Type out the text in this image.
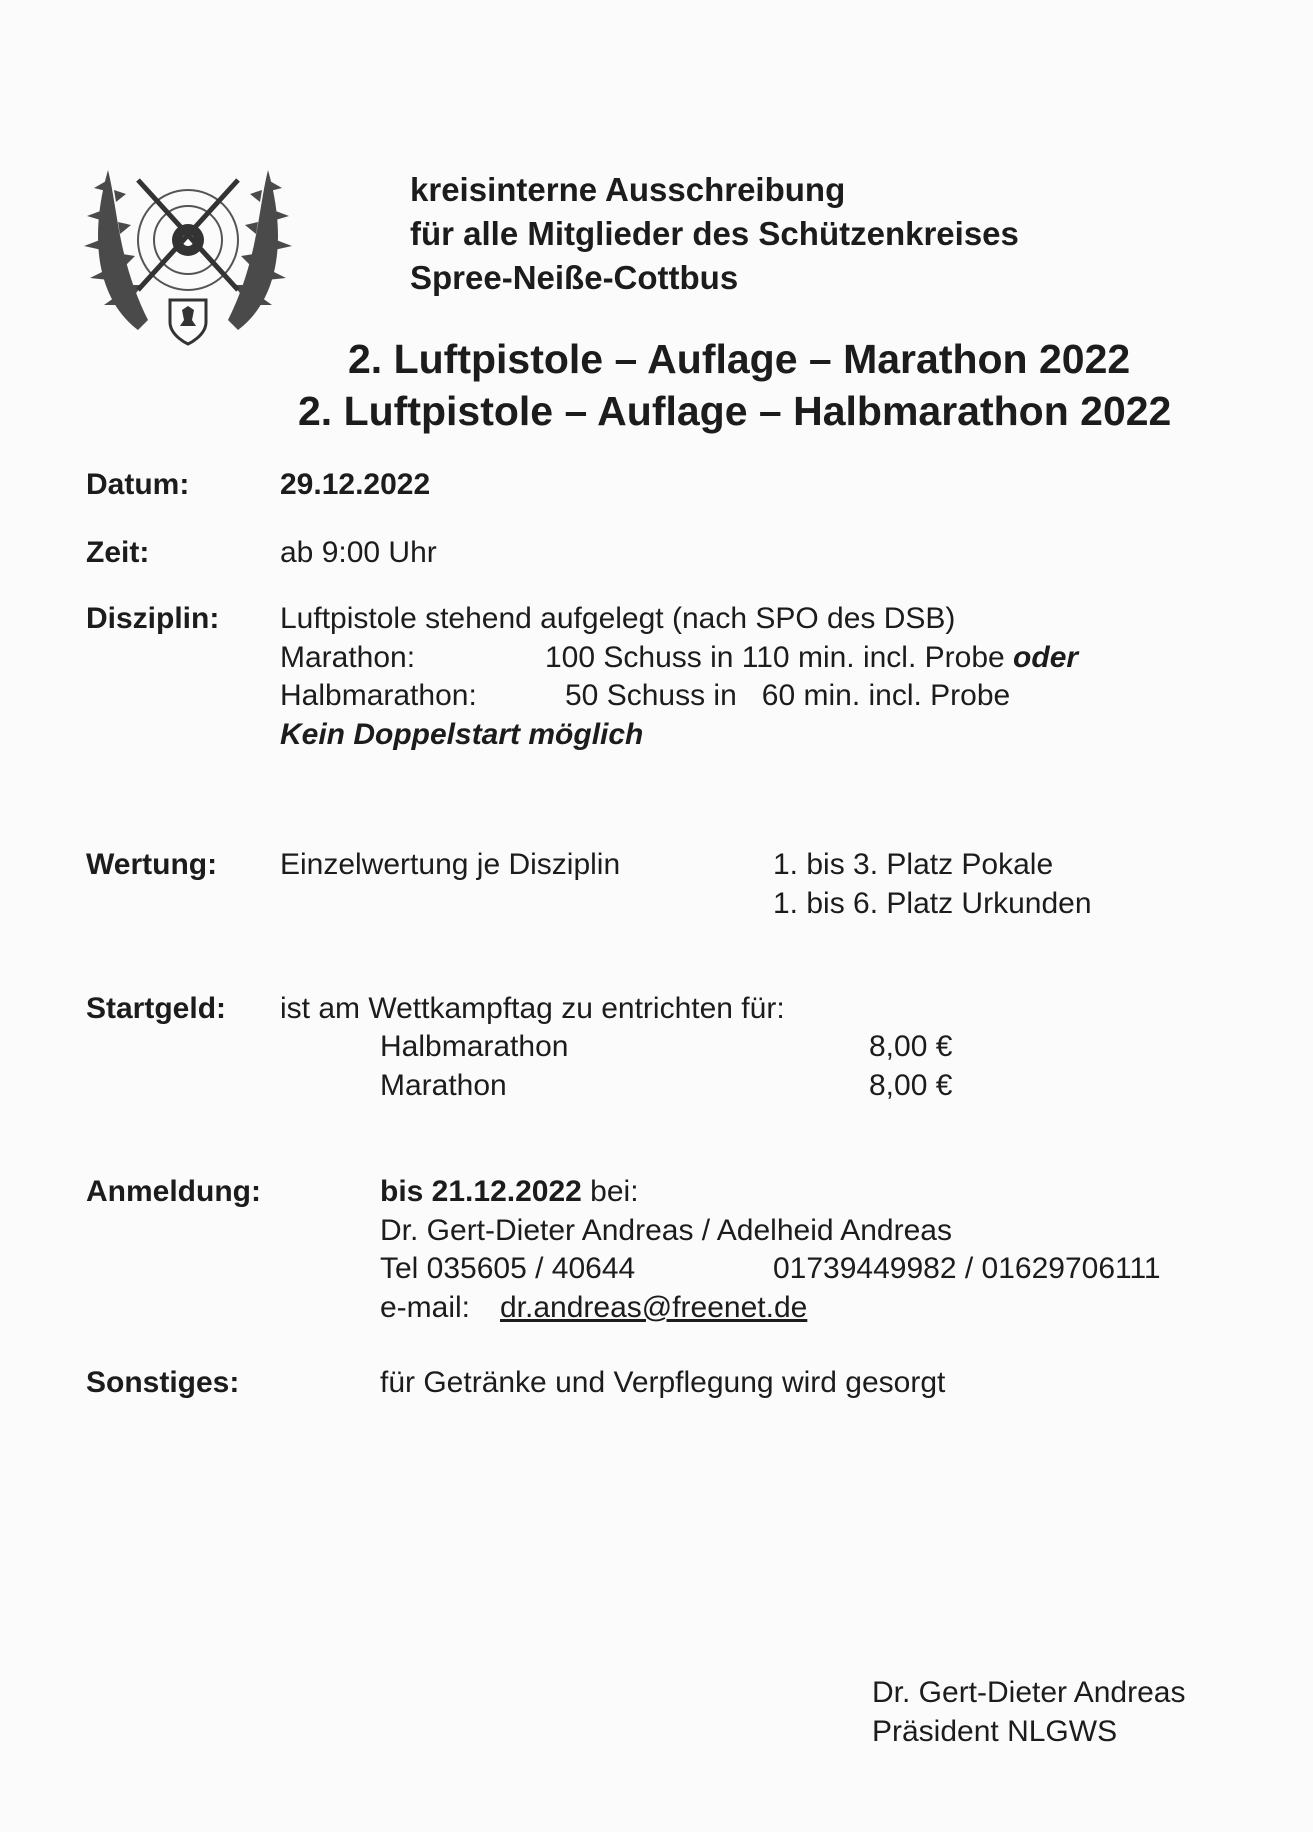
kreisinterne Ausschreibung
für alle Mitglieder des Schützenkreises
Spree-Neiße-Cottbus
2. Luftpistole – Auflage – Marathon 2022
2. Luftpistole – Auflage – Halbmarathon 2022
Datum:	29.12.2022
Zeit:	ab 9:00 Uhr
Disziplin: Luftpistole stehend aufgelegt (nach SPO des DSB)
Marathon:	100 Schuss in 110 min. incl. Probe oder
Halbmarathon:	50 Schuss in   60 min. incl. Probe
Kein Doppelstart möglich
Wertung: Einzelwertung je Disziplin	1. bis 3. Platz Pokale
1. bis 6. Platz Urkunden
Startgeld: ist am Wettkampftag zu entrichten für:
Halbmarathon	8,00 €
Marathon	8,00 €
Anmeldung:	bis 21.12.2022 bei:
Dr. Gert-Dieter Andreas / Adelheid Andreas
Tel 035605 / 40644	01739449982 / 01629706111
e-mail: dr.andreas@freenet.de
Sonstiges:	für Getränke und Verpflegung wird gesorgt
Dr. Gert-Dieter Andreas
Präsident NLGWS
